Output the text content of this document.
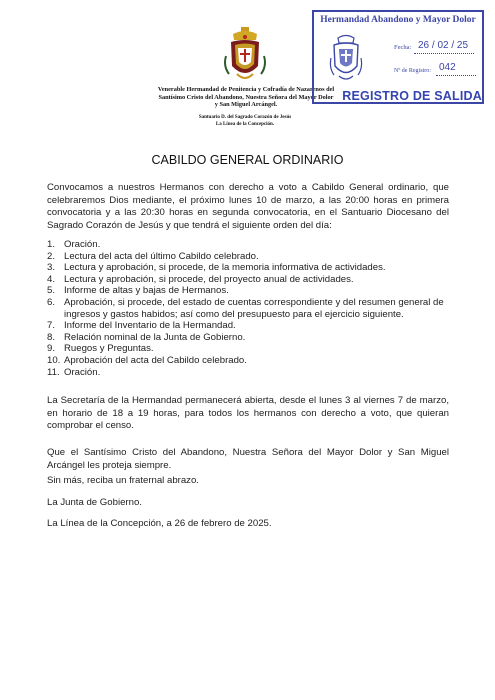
Venerable Hermandad de Penitencia y Cofradía de Nazarenos del
Santísimo Cristo del Abandono, Nuestra Señora del Mayor Dolor
y San Miguel Arcángel.
Santuario D. del Sagrado Corazón de Jesús
La Línea de la Concepción.
Hermandad Abandono y Mayor Dolor
Fecha: 26 / 02 / 25
Nº de Registro: 042
REGISTRO DE SALIDA
CABILDO GENERAL ORDINARIO

Convocamos a nuestros Hermanos con derecho a voto a Cabildo General ordinario, que celebraremos Dios mediante, el próximo lunes 10 de marzo, a las 20:00 horas en primera convocatoria y a las 20:30 horas en segunda convocatoria, en el Santuario Diocesano del Sagrado Corazón de Jesús y que tendrá el siguiente orden del día:

1. Oración.
2. Lectura del acta del último Cabildo celebrado.
3. Lectura y aprobación, si procede, de la memoria informativa de actividades.
4. Lectura y aprobación, si procede, del proyecto anual de actividades.
5. Informe de altas y bajas de Hermanos.
6. Aprobación, si procede, del estado de cuentas correspondiente y del resumen general de ingresos y gastos habidos; así como del presupuesto para el ejercicio siguiente.
7. Informe del Inventario de la Hermandad.
8. Relación nominal de la Junta de Gobierno.
9. Ruegos y Preguntas.
10. Aprobación del acta del Cabildo celebrado.
11. Oración.

La Secretaría de la Hermandad permanecerá abierta, desde el lunes 3 al viernes 7 de marzo, en horario de 18 a 19 horas, para todos los hermanos con derecho a voto, que quieran comprobar el censo.

Que el Santísimo Cristo del Abandono, Nuestra Señora del Mayor Dolor y San Miguel Arcángel les proteja siempre.

Sin más, reciba un fraternal abrazo.

La Junta de Gobierno.

La Línea de la Concepción, a 26 de febrero de 2025.
